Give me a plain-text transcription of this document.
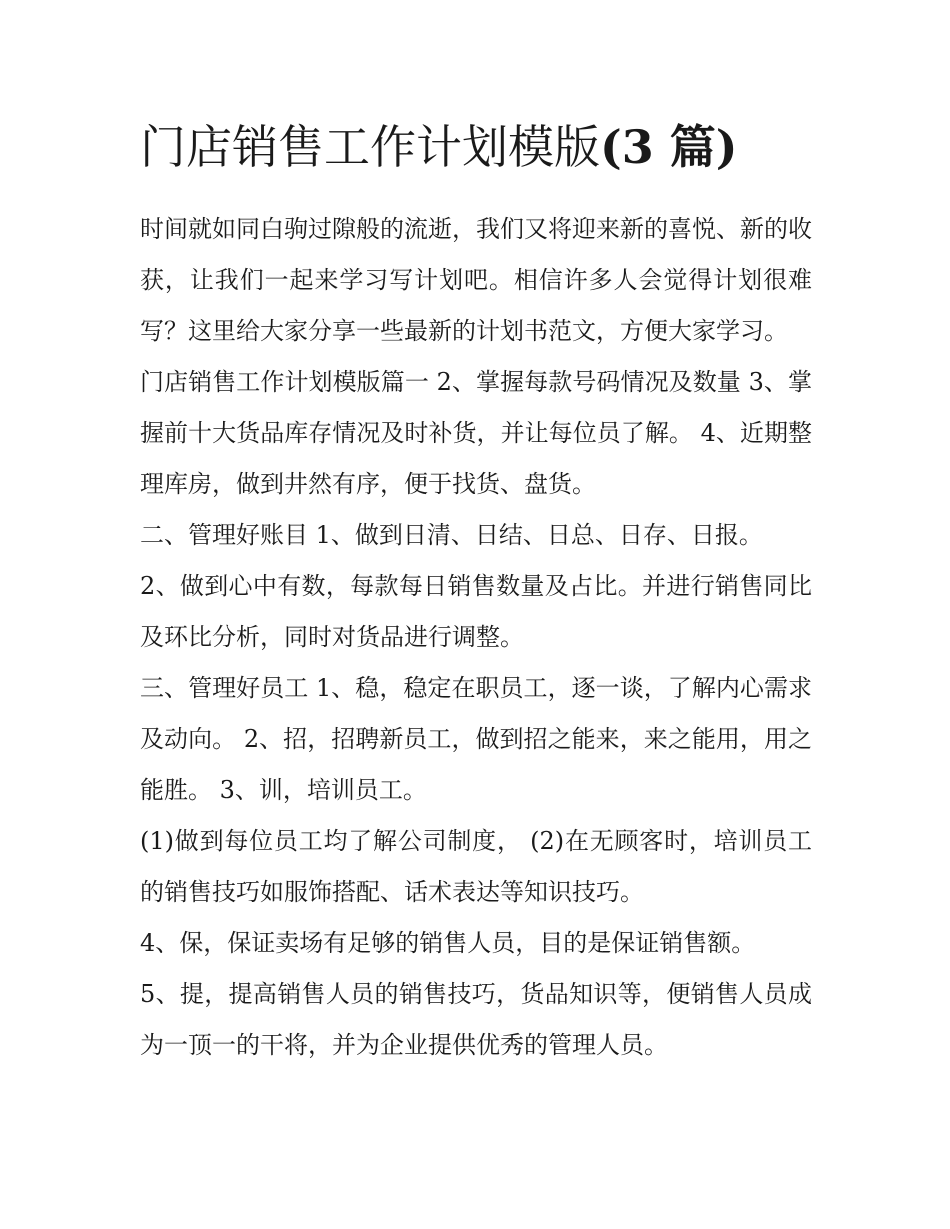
门店销售工作计划模版(3 篇)

时间就如同白驹过隙般的流逝，我们又将迎来新的喜悦、新的收获，让我们一起来学习写计划吧。相信许多人会觉得计划很难写？这里给大家分享一些最新的计划书范文，方便大家学习。

门店销售工作计划模版篇一 2、掌握每款号码情况及数量 3、掌握前十大货品库存情况及时补货，并让每位员了解。 4、近期整理库房，做到井然有序，便于找货、盘货。

二、管理好账目 1、做到日清、日结、日总、日存、日报。

2、做到心中有数，每款每日销售数量及占比。并进行销售同比及环比分析，同时对货品进行调整。

三、管理好员工 1、稳，稳定在职员工，逐一谈，了解内心需求及动向。 2、招，招聘新员工，做到招之能来，来之能用，用之能胜。 3、训，培训员工。

(1)做到每位员工均了解公司制度， (2)在无顾客时，培训员工的销售技巧如服饰搭配、话术表达等知识技巧。

4、保，保证卖场有足够的销售人员，目的是保证销售额。

5、提，提高销售人员的销售技巧，货品知识等，便销售人员成为一顶一的干将，并为企业提供优秀的管理人员。
